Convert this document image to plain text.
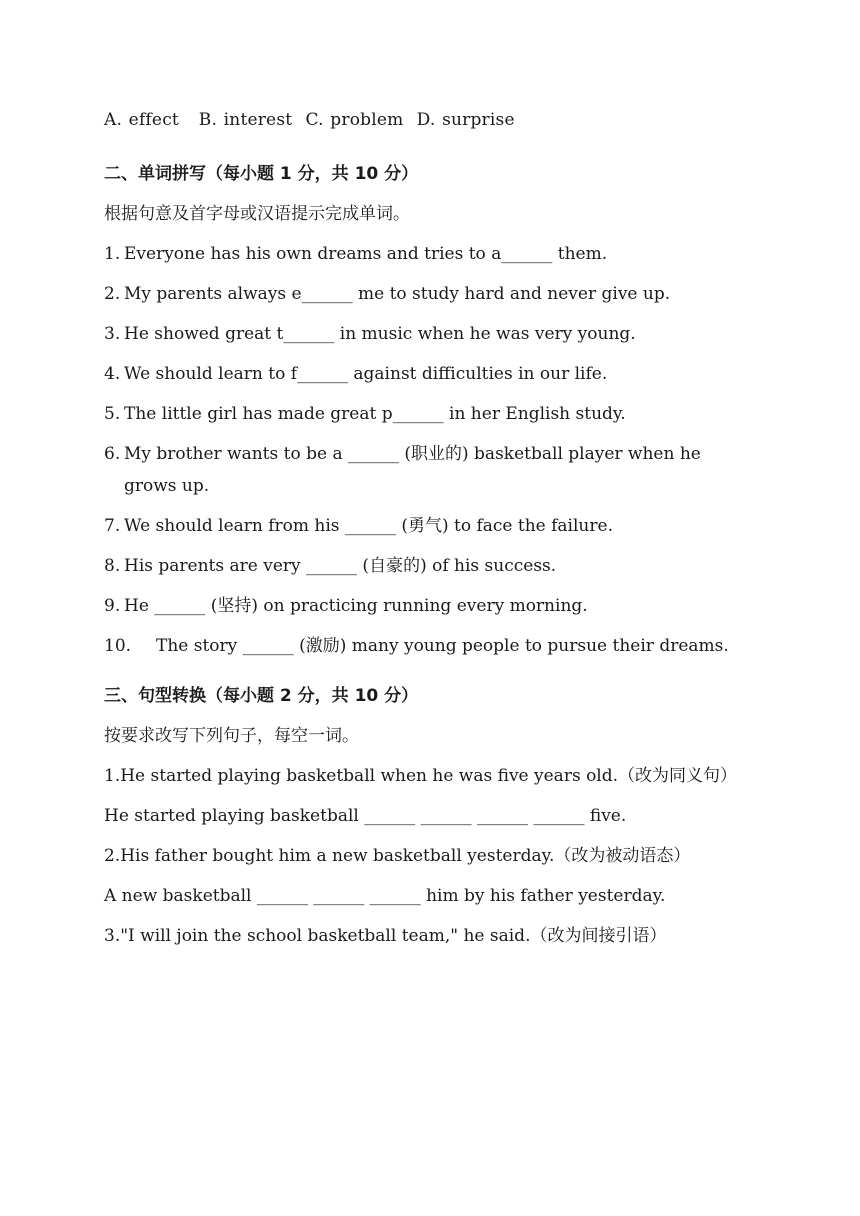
A. effect   B. interest  C. problem  D. surprise
二、单词拼写（每小题 1 分，共 10 分）
根据句意及首字母或汉语提示完成单词。
1. Everyone has his own dreams and tries to a______ them.
2. My parents always e______ me to study hard and never give up.
3. He showed great t______ in music when he was very young.
4. We should learn to f______ against difficulties in our life.
5. The little girl has made great p______ in her English study.
6. My brother wants to be a ______ (职业的) basketball player when he grows up.
7. We should learn from his ______ (勇气) to face the failure.
8. His parents are very ______ (自豪的) of his success.
9. He ______ (坚持) on practicing running every morning.
10.	The story ______ (激励) many young people to pursue their dreams.
三、句型转换（每小题 2 分，共 10 分）
按要求改写下列句子，每空一词。
1.He started playing basketball when he was five years old.（改为同义句）
He started playing basketball ______ ______ ______ ______ five.
2.His father bought him a new basketball yesterday.（改为被动语态）
A new basketball ______ ______ ______ him by his father yesterday.
3."I will join the school basketball team," he said.（改为间接引语）
